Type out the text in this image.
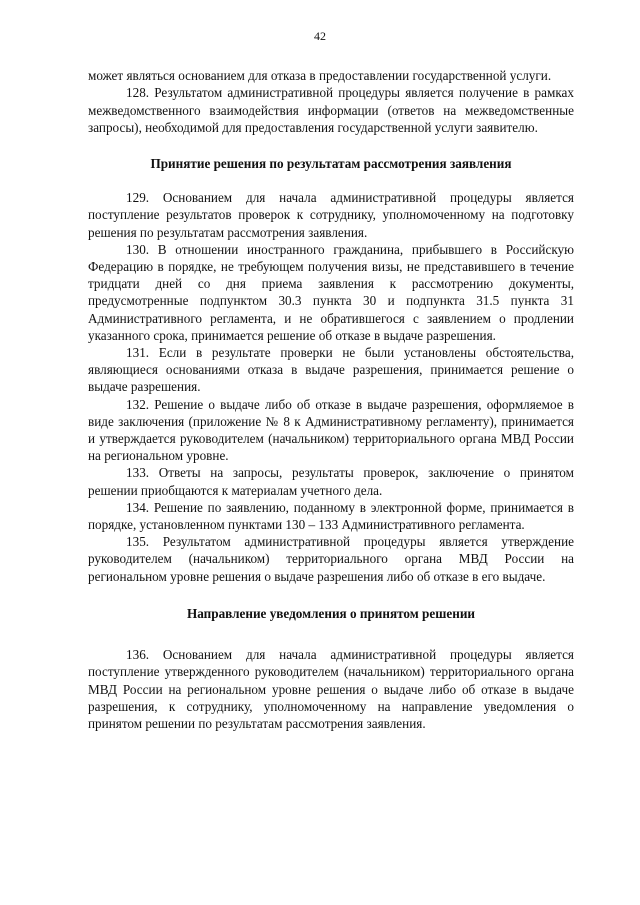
42

может являться основанием для отказа в предоставлении государственной услуги.

128. Результатом административной процедуры является получение в рамках межведомственного взаимодействия информации (ответов на межведомственные запросы), необходимой для предоставления государственной услуги заявителю.

Принятие решения по результатам рассмотрения заявления

129. Основанием для начала административной процедуры является поступление результатов проверок к сотруднику, уполномоченному на подготовку решения по результатам рассмотрения заявления.

130. В отношении иностранного гражданина, прибывшего в Российскую Федерацию в порядке, не требующем получения визы, не представившего в течение тридцати дней со дня приема заявления к рассмотрению документы, предусмотренные подпунктом 30.3 пункта 30 и подпункта 31.5 пункта 31 Административного регламента, и не обратившегося с заявлением о продлении указанного срока, принимается решение об отказе в выдаче разрешения.

131. Если в результате проверки не были установлены обстоятельства, являющиеся основаниями отказа в выдаче разрешения, принимается решение о выдаче разрешения.

132. Решение о выдаче либо об отказе в выдаче разрешения, оформляемое в виде заключения (приложение № 8 к Административному регламенту), принимается и утверждается руководителем (начальником) территориального органа МВД России на региональном уровне.

133. Ответы на запросы, результаты проверок, заключение о принятом решении приобщаются к материалам учетного дела.

134. Решение по заявлению, поданному в электронной форме, принимается в порядке, установленном пунктами 130 – 133 Административного регламента.

135. Результатом административной процедуры является утверждение руководителем (начальником) территориального органа МВД России на региональном уровне решения о выдаче разрешения либо об отказе в его выдаче.

Направление уведомления о принятом решении

136. Основанием для начала административной процедуры является поступление утвержденного руководителем (начальником) территориального органа МВД России на региональном уровне решения о выдаче либо об отказе в выдаче разрешения, к сотруднику, уполномоченному на направление уведомления о принятом решении по результатам рассмотрения заявления.
